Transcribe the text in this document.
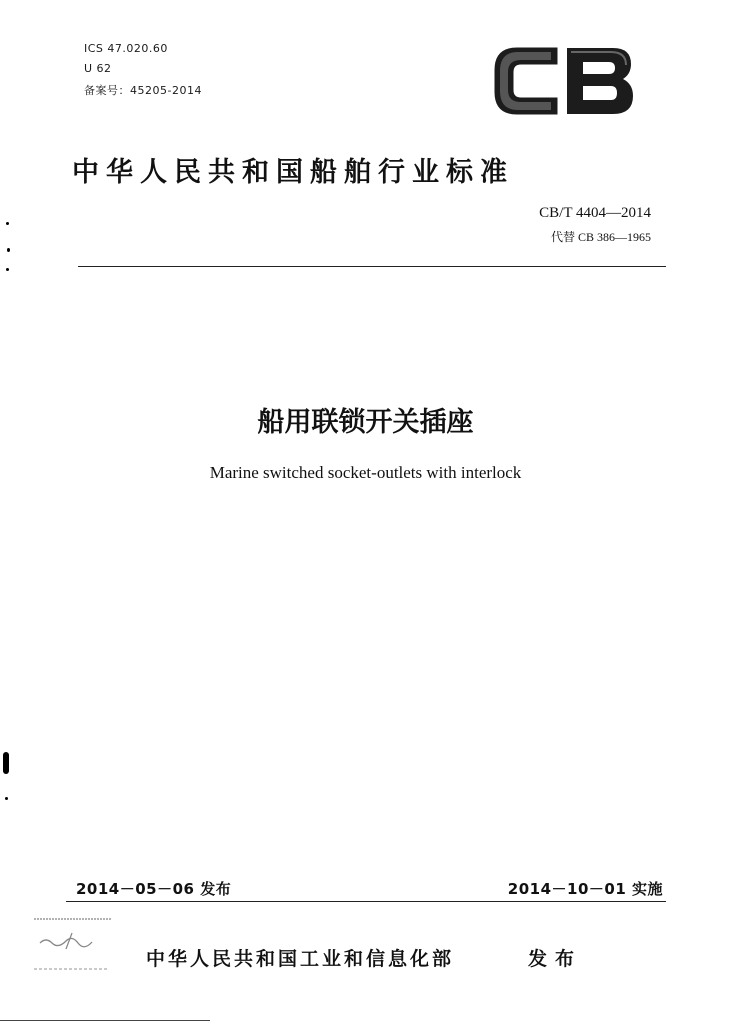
ICS 47.020.60
U 62
备案号：45205-2014
中华人民共和国船舶行业标准
CB/T 4404—2014
代替 CB 386—1965
船用联锁开关插座
Marine switched socket-outlets with interlock
2014－05－06 发布	2014－10－01 实施
中华人民共和国工业和信息化部	发布
